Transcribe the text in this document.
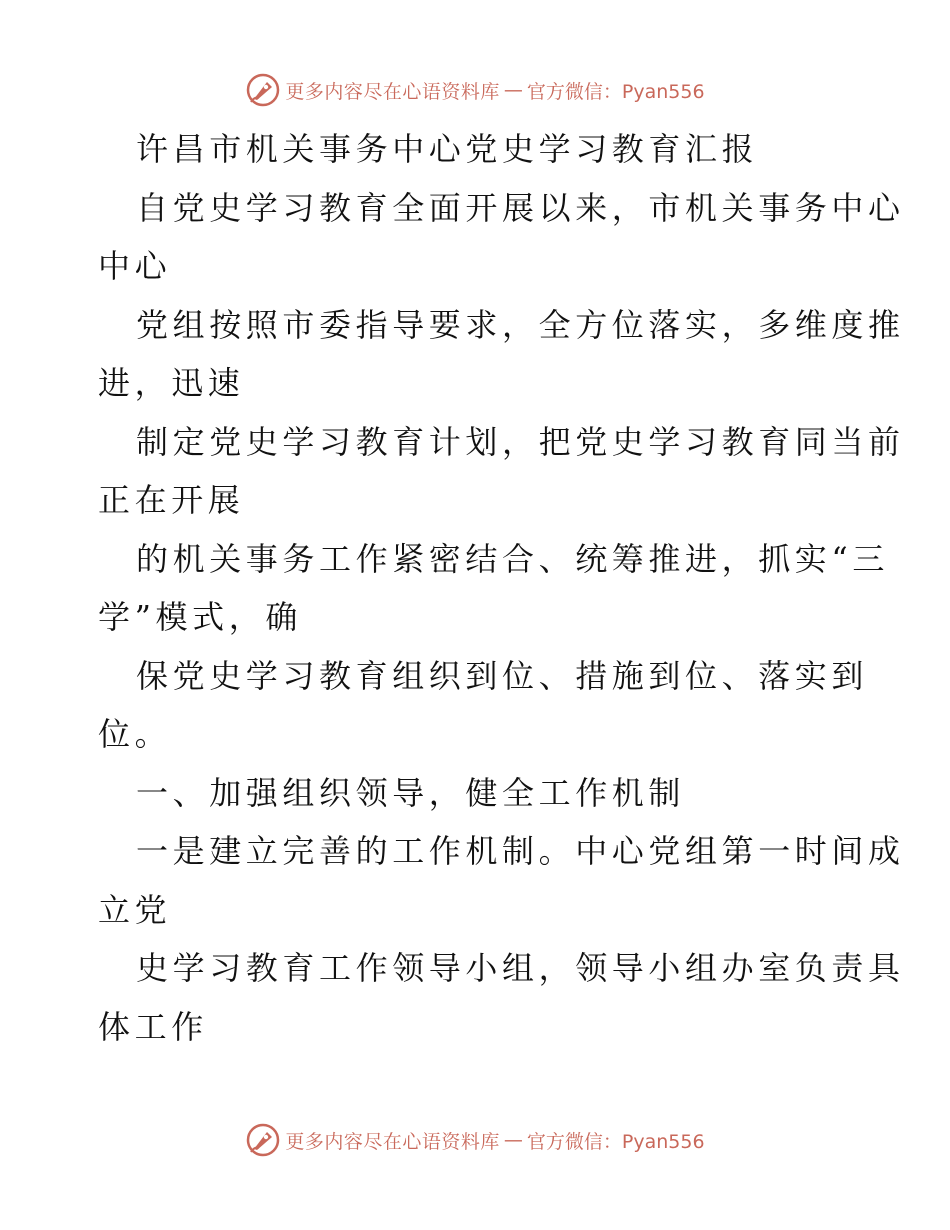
更多内容尽在心语资料库 — 官方微信：Pyan556
许昌市机关事务中心党史学习教育汇报
自党史学习教育全面开展以来，市机关事务中心
中心
党组按照市委指导要求，全方位落实，多维度推
进，迅速
制定党史学习教育计划，把党史学习教育同当前
正在开展
的机关事务工作紧密结合、统筹推进，抓实“三
学”模式，确
保党史学习教育组织到位、措施到位、落实到
位。
一、加强组织领导，健全工作机制
一是建立完善的工作机制。中心党组第一时间成
立党
史学习教育工作领导小组，领导小组办室负责具
体工作
更多内容尽在心语资料库 — 官方微信：Pyan556
